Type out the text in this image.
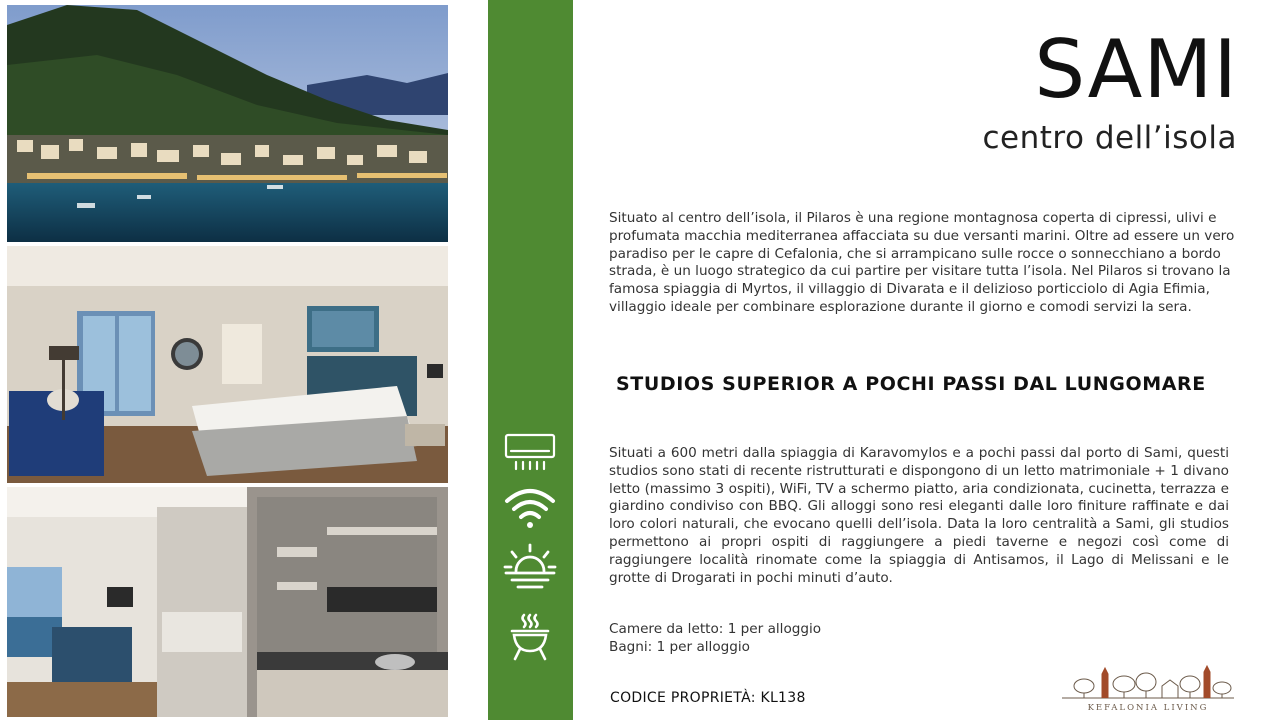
SAMI
centro dell’isola

Situato al centro dell’isola, il Pilaros è una regione montagnosa coperta di cipressi, ulivi e profumata macchia mediterranea affacciata su due versanti marini. Oltre ad essere un vero paradiso per le capre di Cefalonia, che si arrampicano sulle rocce o sonnecchiano a bordo strada, è un luogo strategico da cui partire per visitare tutta l’isola. Nel Pilaros si trovano la famosa spiaggia di Myrtos, il villaggio di Divarata e il delizioso porticciolo di Agia Efimia, villaggio ideale per combinare esplorazione durante il giorno e comodi servizi la sera.

STUDIOS SUPERIOR A POCHI PASSI DAL LUNGOMARE

Situati a 600 metri dalla spiaggia di Karavomylos e a pochi passi dal porto di Sami, questi studios sono stati di recente ristrutturati e dispongono di un letto matrimoniale + 1 divano letto (massimo 3 ospiti), WiFi, TV a schermo piatto, aria condizionata, cucinetta, terrazza e giardino condiviso con BBQ. Gli alloggi sono resi eleganti dalle loro finiture raffinate e dai loro colori naturali, che evocano quelli dell’isola. Data la loro centralità a Sami, gli studios permettono ai propri ospiti di raggiungere a piedi taverne e negozi così come di raggiungere località rinomate come la spiaggia di Antisamos, il Lago di Melissani e le grotte di Drogarati in pochi minuti d’auto.

Camere da letto: 1 per alloggio
Bagni: 1 per alloggio
CODICE PROPRIETÀ: KL138
KEFALONIA LIVING
